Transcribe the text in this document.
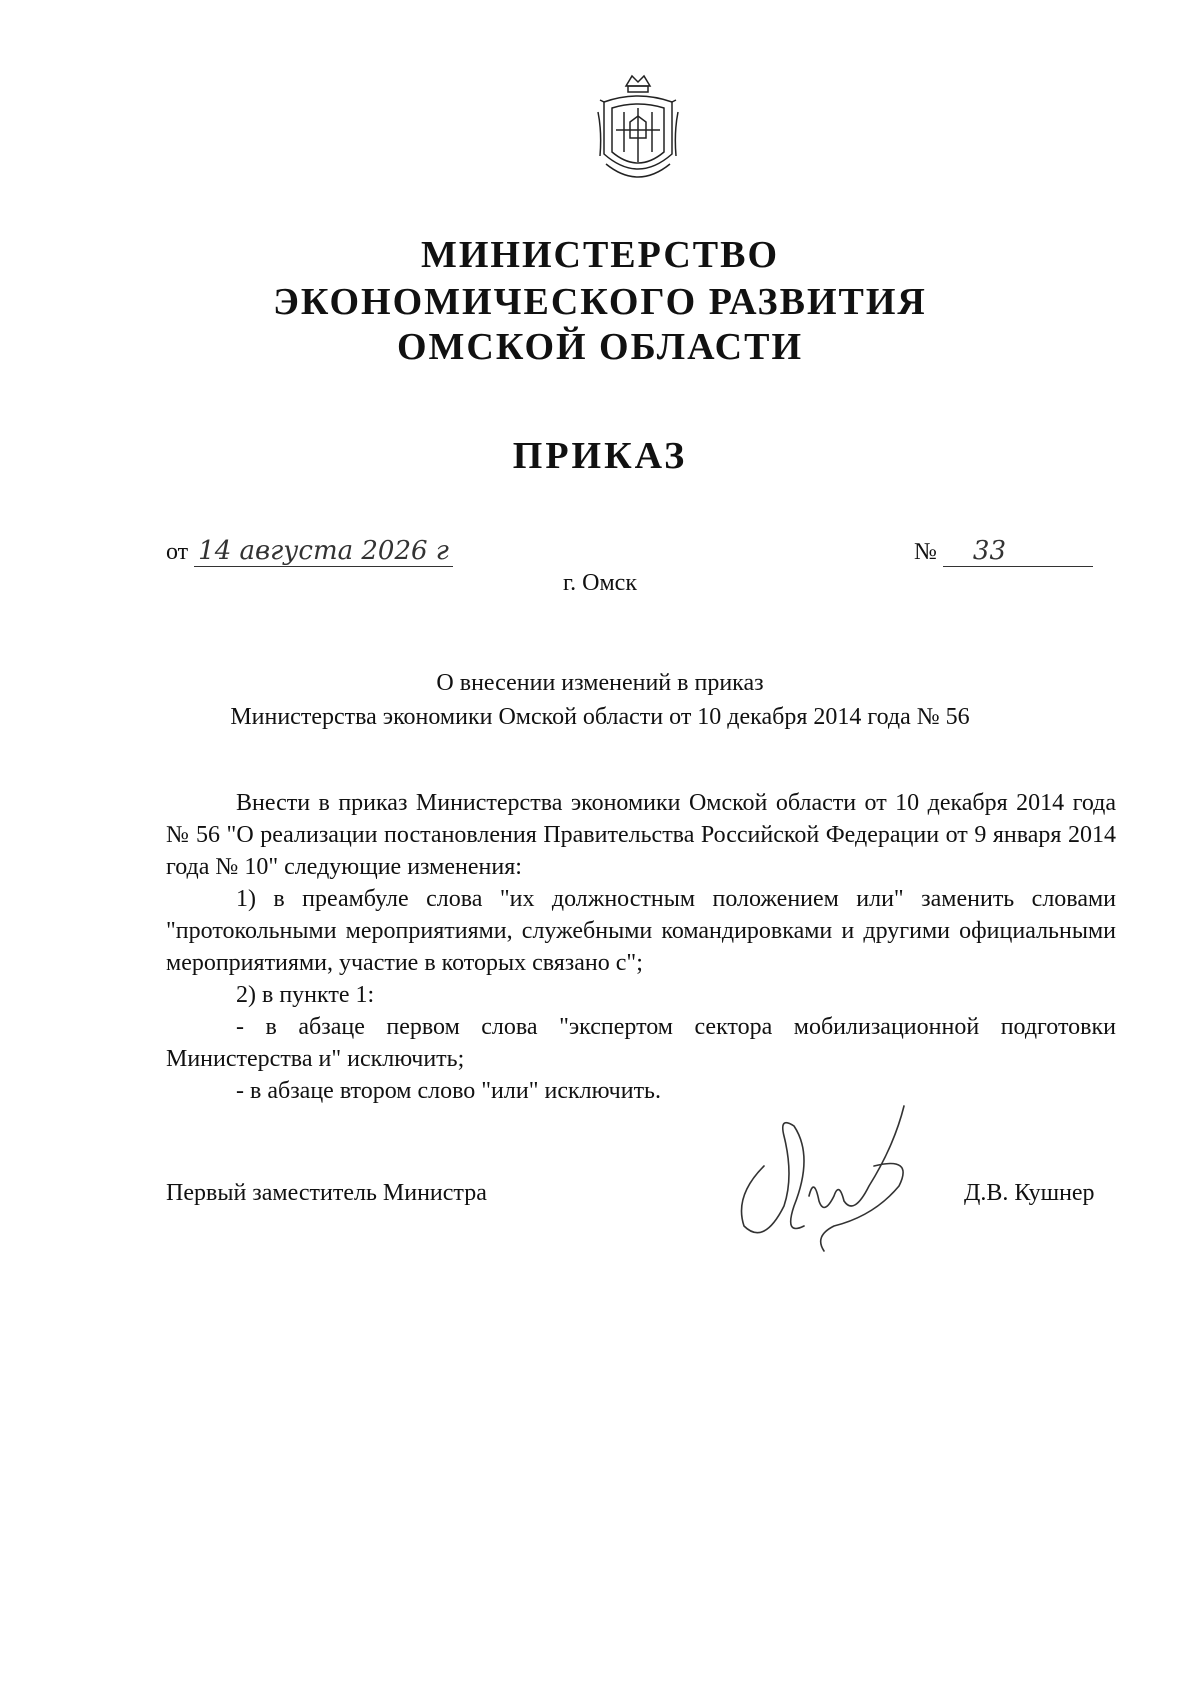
МИНИСТЕРСТВО
ЭКОНОМИЧЕСКОГО РАЗВИТИЯ
ОМСКОЙ ОБЛАСТИ
ПРИКАЗ
от 14 августа 2026 г	№ 33
г. Омск
О внесении изменений в приказ
Министерства экономики Омской области от 10 декабря 2014 года № 56

Внести в приказ Министерства экономики Омской области от 10 декабря 2014 года № 56 "О реализации постановления Правительства Российской Федерации от 9 января 2014 года № 10" следующие изменения:

1) в преамбуле слова "их должностным положением или" заменить словами "протокольными мероприятиями, служебными командировками и другими официальными мероприятиями, участие в которых связано с";

2) в пункте 1:

- в абзаце первом слова "экспертом сектора мобилизационной подготовки Министерства и" исключить;

- в абзаце втором слово "или" исключить.

Первый заместитель Министра	Д.В. Кушнер
